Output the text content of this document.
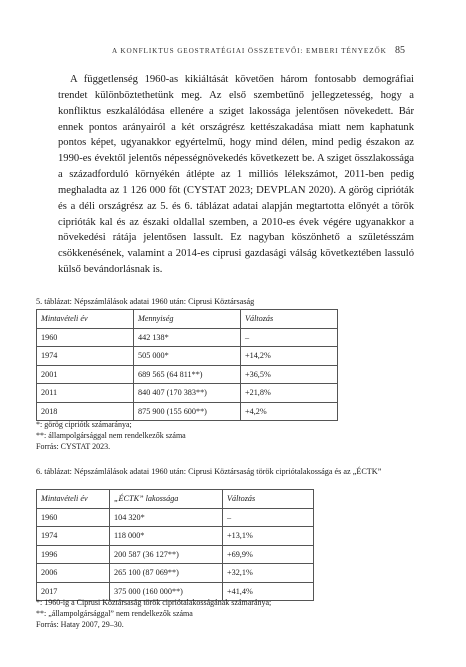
A KONFLIKTUS GEOSTRATÉGIAI ÖSSZETEVŐI: EMBERI TÉNYEZŐK 85

A függetlenség 1960-as kikiáltását követően három fontosabb demográfiai trendet különböztethetünk meg. Az első szembetűnő jellegzetesség, hogy a konfliktus eszkalálódása ellenére a sziget lakossága jelentősen növekedett. Bár ennek pontos arányairól a két országrész kettészakadása miatt nem kaphatunk pontos képet, ugyanakkor egyértelmű, hogy mind délen, mind pedig északon az 1990-es évektől jelentős népességnövekedés következett be. A sziget összlakossága a századforduló környékén átlépte az 1 milliós lélekszámot, 2011-ben pedig meghaladta az 1 126 000 főt (CYSTAT 2023; DEVPLAN 2020). A görög ciprióták és a déli országrész az 5. és 6. táblázat adatai alapján megtartotta előnyét a török ciprióták kal és az északi oldallal szemben, a 2010-es évek végére ugyanakkor a növekedési rátája jelentősen lassult. Ez nagyban köszönhető a születésszám csökkenésének, valamint a 2014-es ciprusi gazdasági válság következtében lassuló külső bevándorlásnak is.

5. táblázat: Népszámlálások adatai 1960 után: Ciprusi Köztársaság

Mintavételi év	Mennyiség	Változás
1960	442 138*	–
1974	505 000*	+14,2%
2001	689 565 (64 811**)	+36,5%
2011	840 407 (170 383**)	+21,8%
2018	875 900 (155 600**)	+4,2%

*: görög cipriótk számaránya;

**: állampolgársággal nem rendelkezők száma

Forrás: CYSTAT 2023.

6. táblázat: Népszámlálások adatai 1960 után: Ciprusi Köztársaság török cipriótalakossága és az „ÉCTK”

Mintavételi év	„ÉCTK” lakossága	Változás
1960	104 320*	–
1974	118 000*	+13,1%
1996	200 587 (36 127**)	+69,9%
2006	265 100 (87 069**)	+32,1%
2017	375 000 (160 000**)	+41,4%

*: 1960-ig a Ciprusi Köztársaság török cipriótalakosságának számaránya;

**: „állampolgársággal” nem rendelkezők száma

Forrás: Hatay 2007, 29–30.
